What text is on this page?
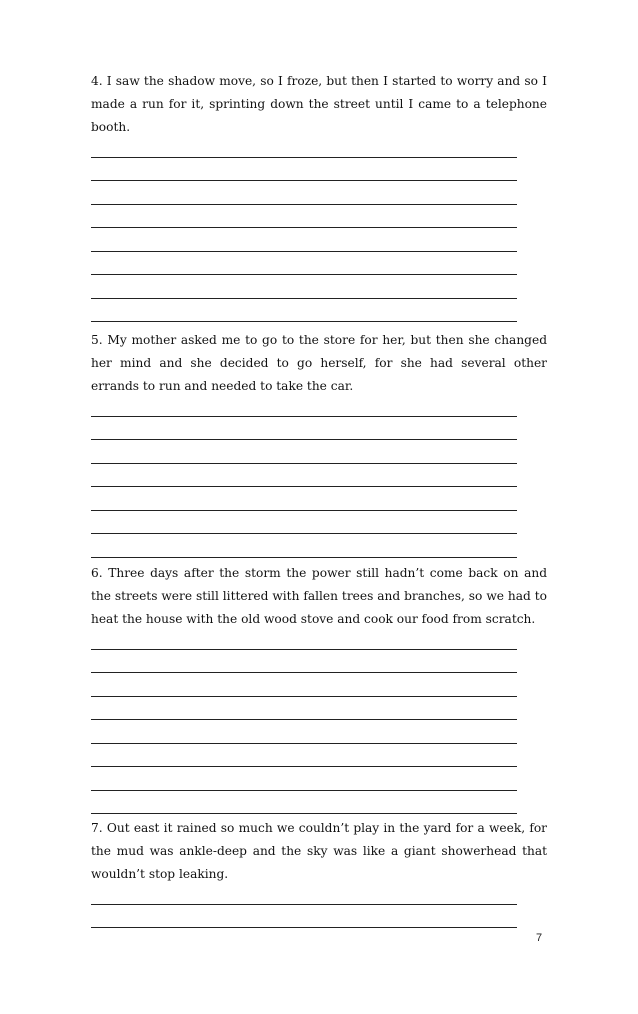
4. I saw the shadow move, so I froze, but then I started to worry and so I made a run for it, sprinting down the street until I came to a telephone booth.

5. My mother asked me to go to the store for her, but then she changed her mind and she decided to go herself, for she had several other errands to run and needed to take the car.

6. Three days after the storm the power still hadn’t come back on and the streets were still littered with fallen trees and branches, so we had to heat the house with the old wood stove and cook our food from scratch.

7. Out east it rained so much we couldn’t play in the yard for a week, for the mud was ankle-deep and the sky was like a giant showerhead that wouldn’t stop leaking.

7
